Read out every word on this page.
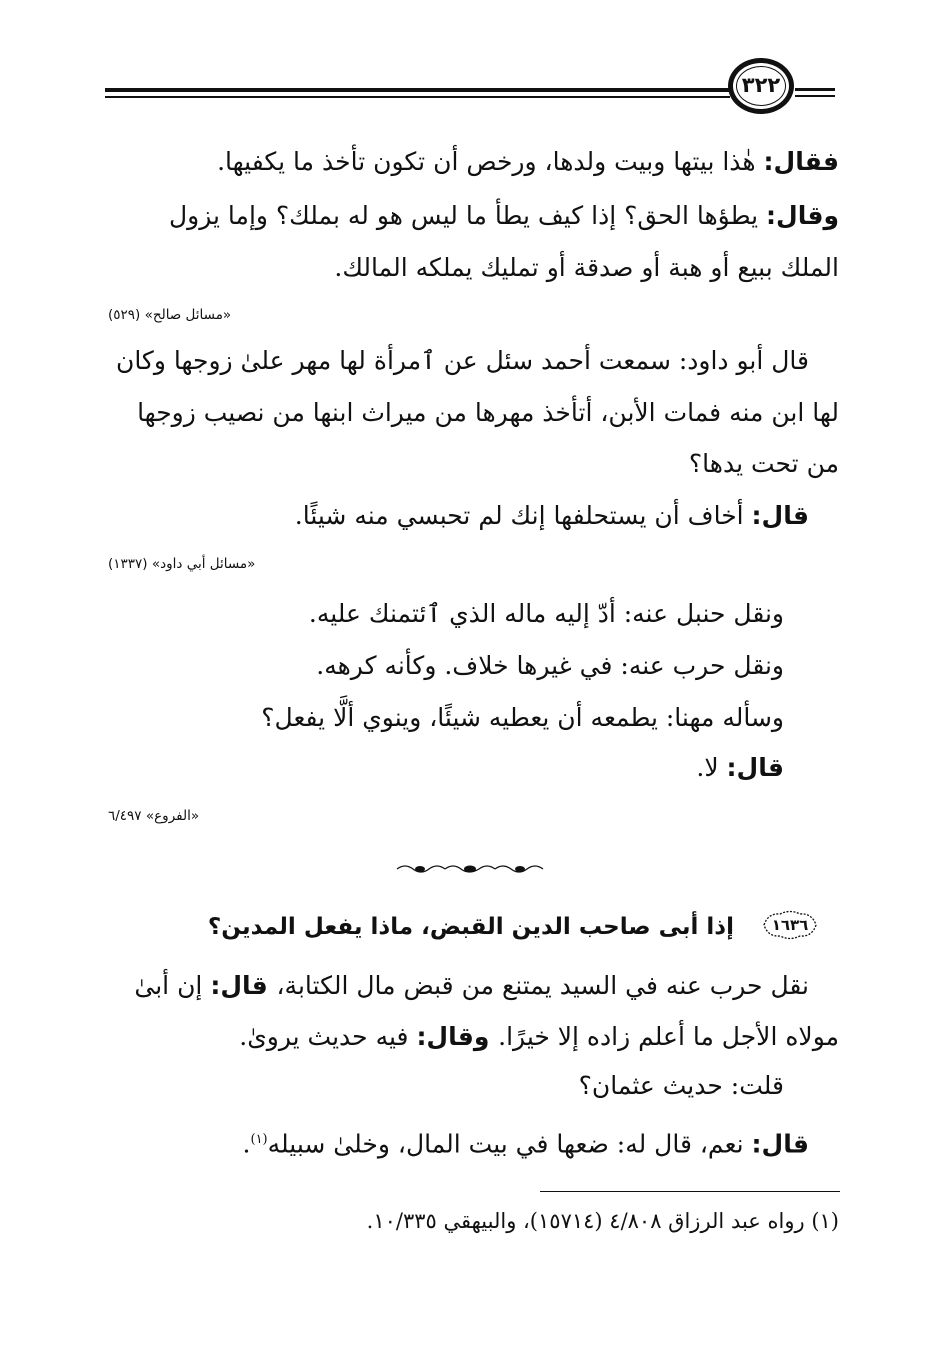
٣٢٢
فقال: هٰذا بيتها وبيت ولدها، ورخص أن تكون تأخذ ما يكفيها.
وقال: يطؤها الحق؟ إذا كيف يطأ ما ليس هو له بملك؟ وإما يزول
الملك ببيع أو هبة أو صدقة أو تمليك يملكه المالك.
«مسائل صالح» (٥٢٩)
قال أبو داود: سمعت أحمد سئل عن ٱمرأة لها مهر علىٰ زوجها وكان
لها ابن منه فمات الأبن، أتأخذ مهرها من ميراث ابنها من نصيب زوجها
من تحت يدها؟
قال: أخاف أن يستحلفها إنك لم تحبسي منه شيئًا.
«مسائل أبي داود» (١٣٣٧)
ونقل حنبل عنه: أدّ إليه ماله الذي ٱئتمنك عليه.
ونقل حرب عنه: في غيرها خلاف. وكأنه كرهه.
وسأله مهنا: يطمعه أن يعطيه شيئًا، وينوي ألَّا يفعل؟
قال: لا.
«الفروع» ٦/٤٩٧
١٦٣٦
إذا أبى صاحب الدين القبض، ماذا يفعل المدين؟
نقل حرب عنه في السيد يمتنع من قبض مال الكتابة، قال: إن أبىٰ
مولاه الأجل ما أعلم زاده إلا خيرًا. وقال: فيه حديث يروىٰ.
قلت: حديث عثمان؟
قال: نعم، قال له: ضعها في بيت المال، وخلىٰ سبيله$^{(١)}$.
(١) رواه عبد الرزاق ٤/٨٠٨ (١٥٧١٤)، والبيهقي ١٠/٣٣٥.
